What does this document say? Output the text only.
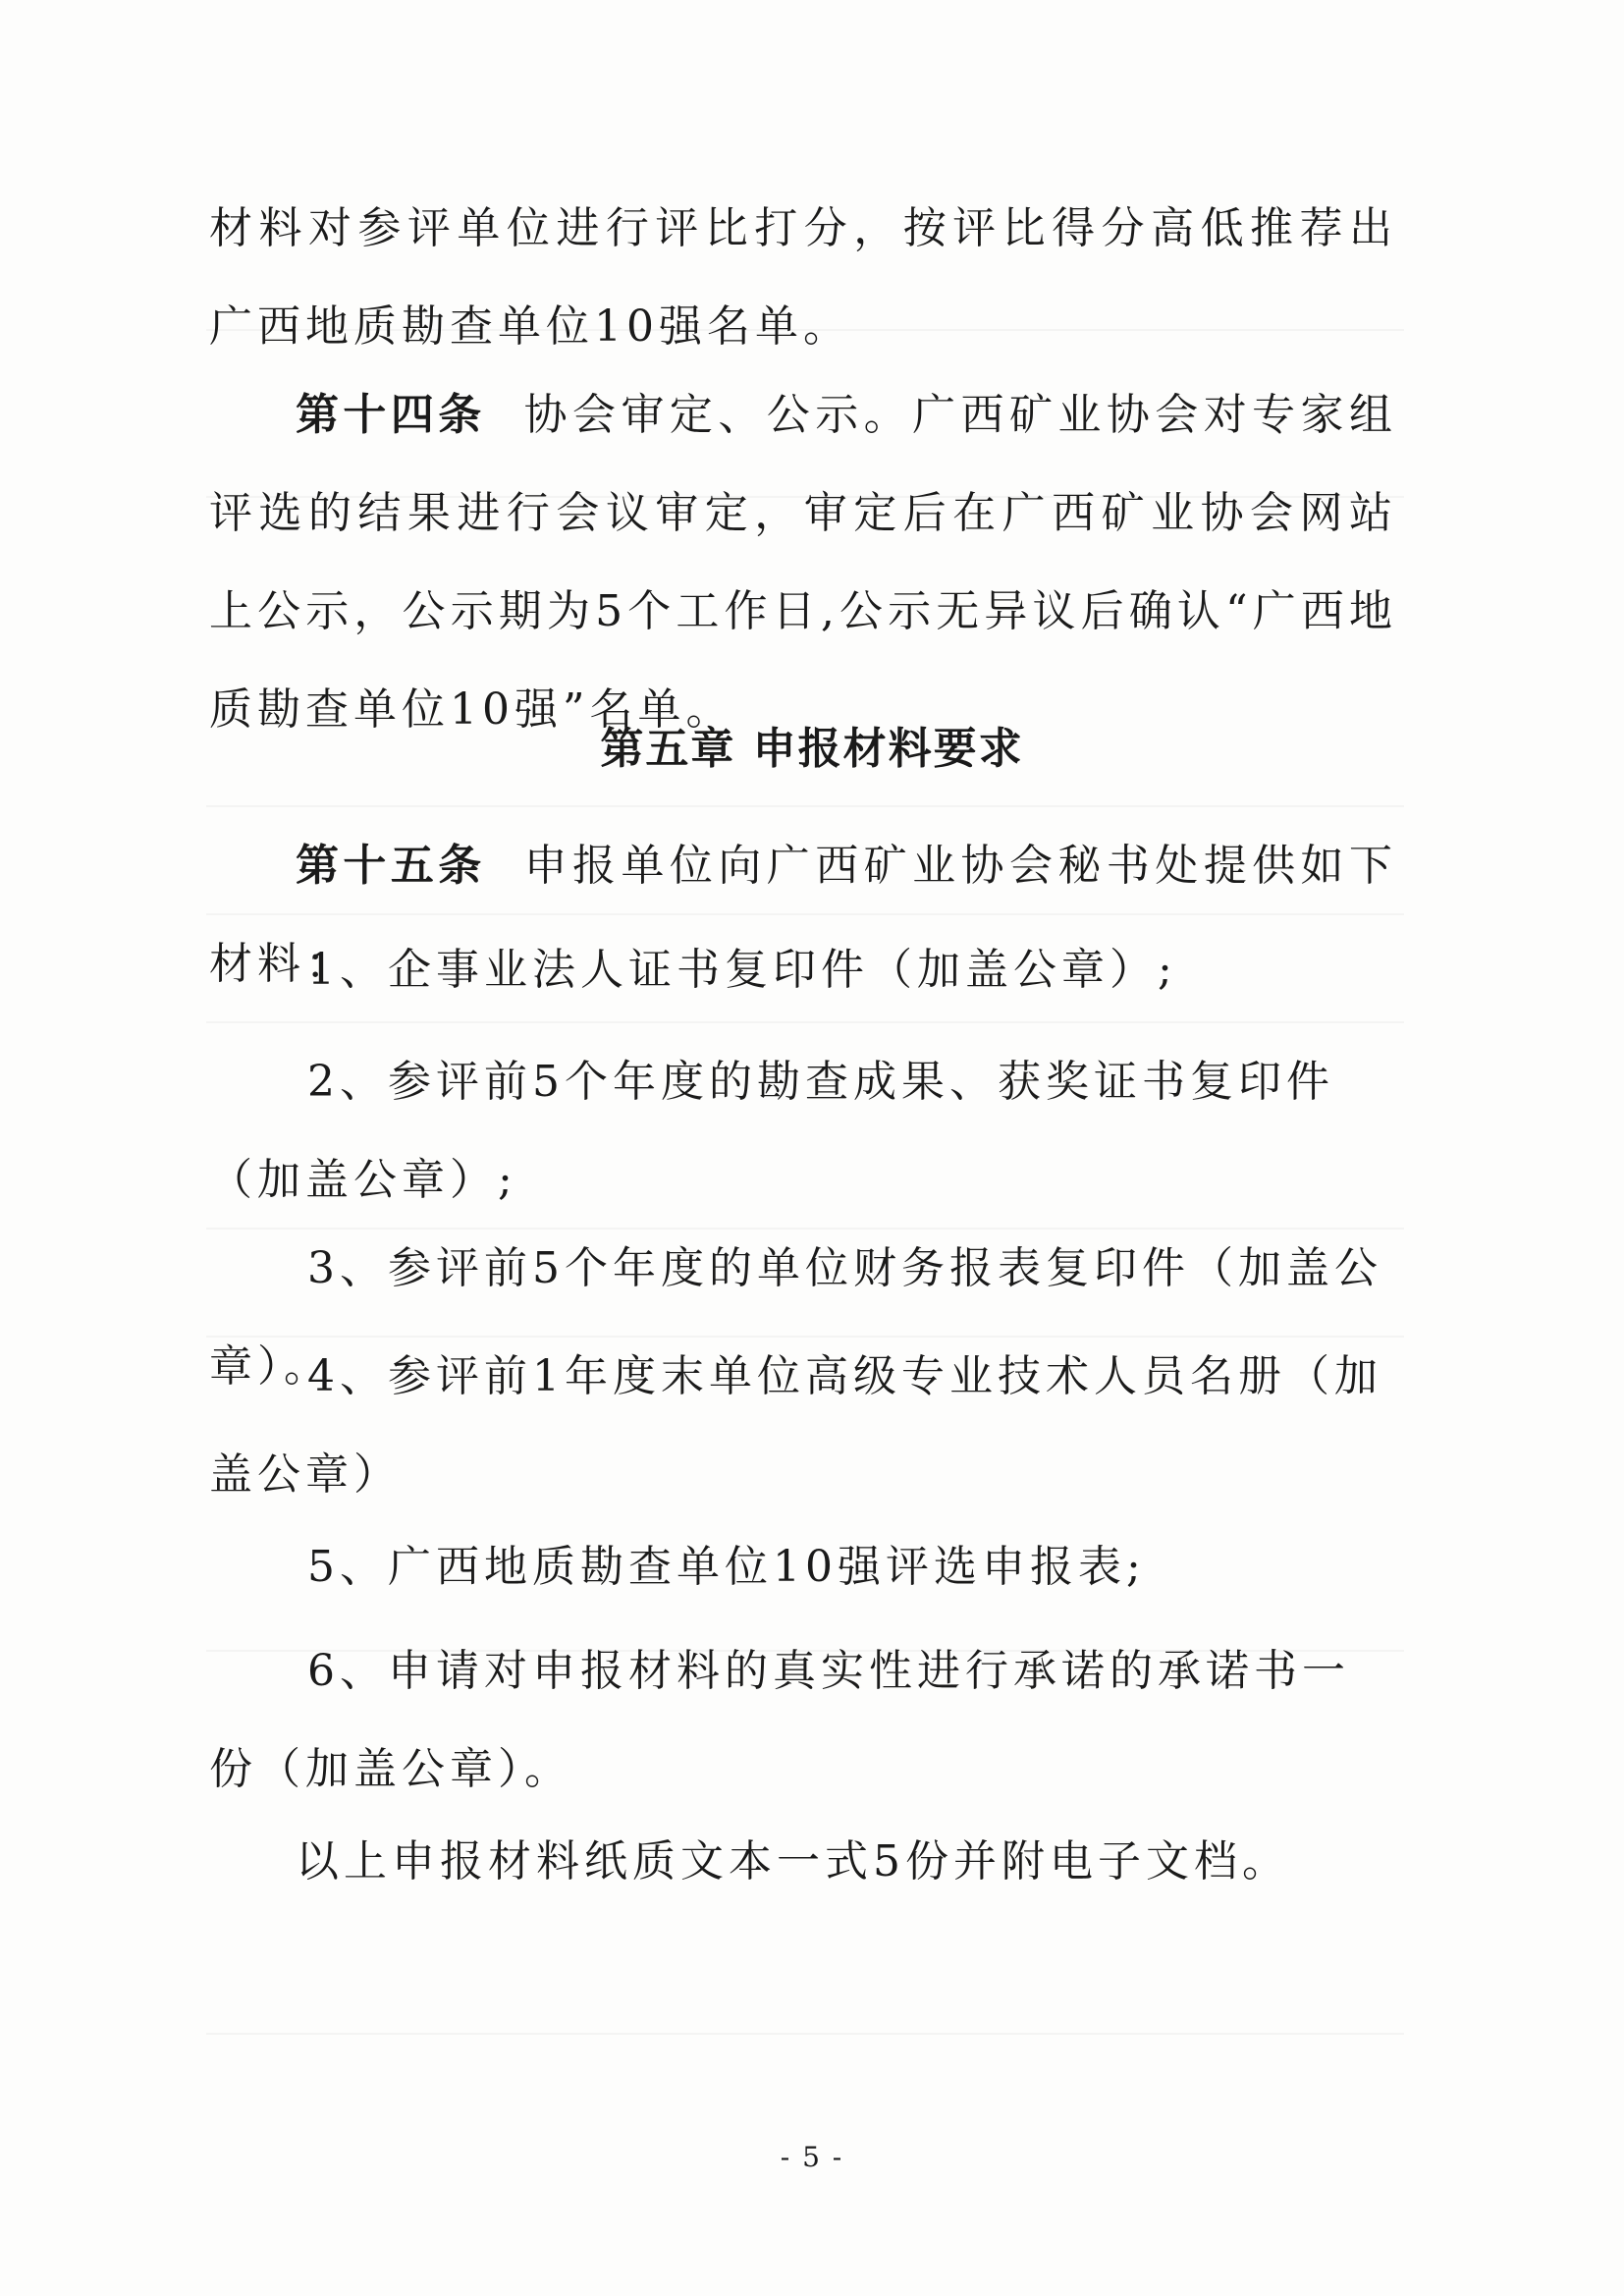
材料对参评单位进行评比打分，按评比得分高低推荐出广西地质勘查单位10强名单。

第十四条 协会审定、公示。广西矿业协会对专家组评选的结果进行会议审定，审定后在广西矿业协会网站上公示，公示期为5个工作日,公示无异议后确认“广西地质勘查单位10强”名单。

第五章 申报材料要求

第十五条 申报单位向广西矿业协会秘书处提供如下材料：

1、企事业法人证书复印件（加盖公章）;

2、参评前5个年度的勘查成果、获奖证书复印件（加盖公章）;

3、参评前5个年度的单位财务报表复印件（加盖公章）。

4、参评前1年度末单位高级专业技术人员名册（加盖公章）

5、广西地质勘查单位10强评选申报表;

6、申请对申报材料的真实性进行承诺的承诺书一份（加盖公章）。

以上申报材料纸质文本一式5份并附电子文档。

- 5 -
